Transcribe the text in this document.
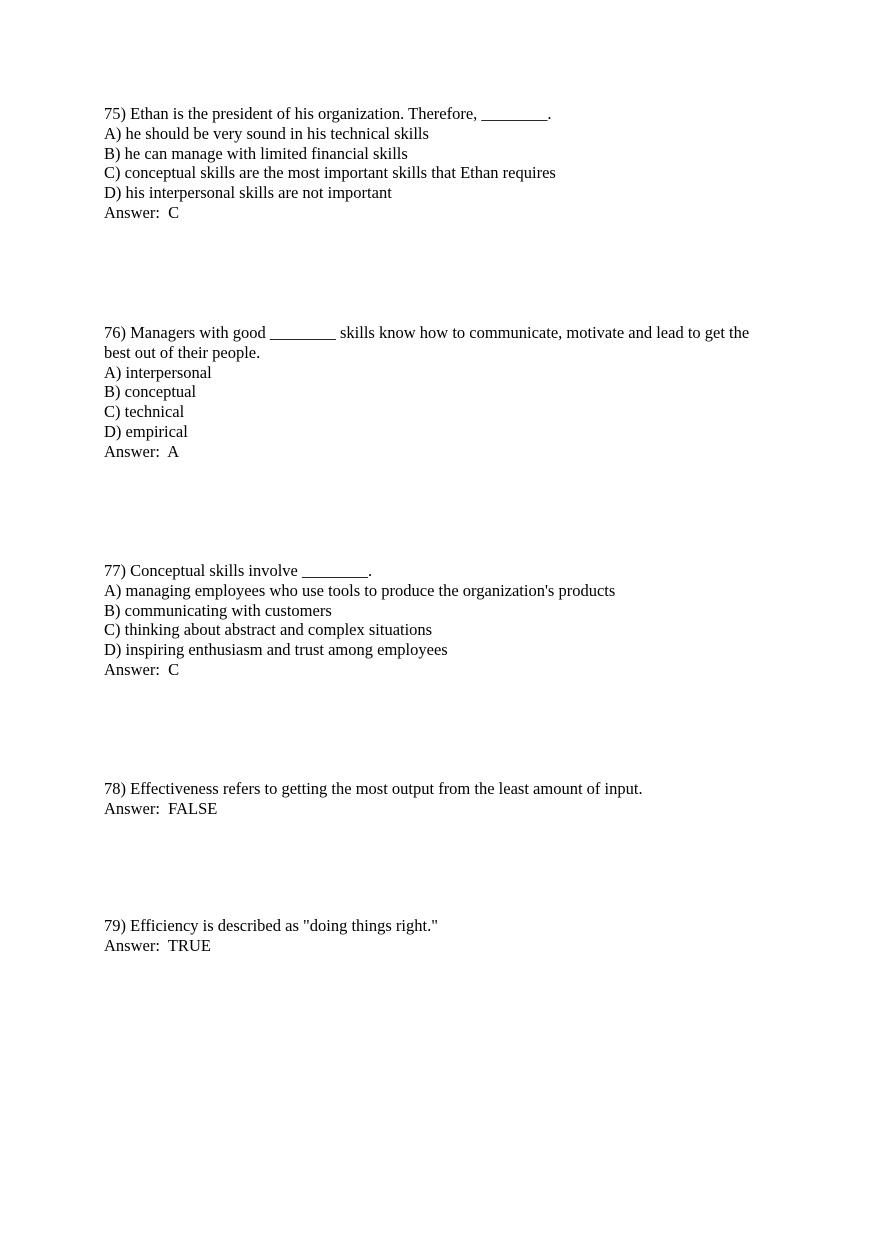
75) Ethan is the president of his organization. Therefore, ________.
A) he should be very sound in his technical skills
B) he can manage with limited financial skills
C) conceptual skills are the most important skills that Ethan requires
D) his interpersonal skills are not important
Answer:  C
76) Managers with good ________ skills know how to communicate, motivate and lead to get the best out of their people.
A) interpersonal
B) conceptual
C) technical
D) empirical
Answer:  A
77) Conceptual skills involve ________.
A) managing employees who use tools to produce the organization's products
B) communicating with customers
C) thinking about abstract and complex situations
D) inspiring enthusiasm and trust among employees
Answer:  C
78) Effectiveness refers to getting the most output from the least amount of input.
Answer:  FALSE
79) Efficiency is described as "doing things right."
Answer:  TRUE
